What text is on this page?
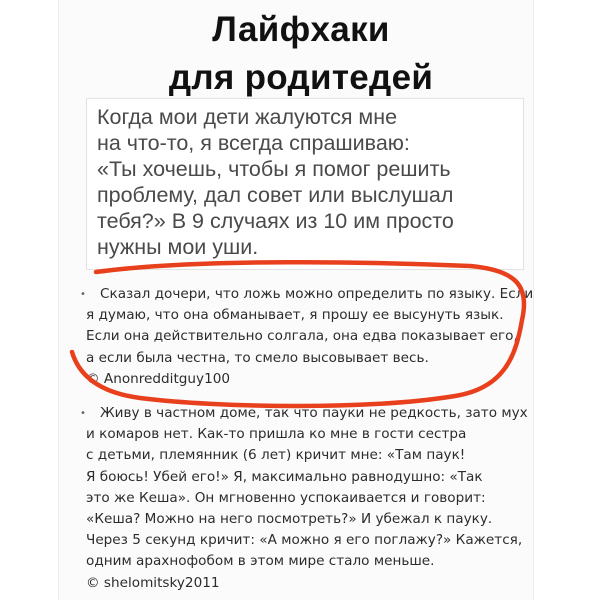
Лайфхаки
для родитедей
Когда мои дети жалуются мне
на что-то, я всегда спрашиваю:
«Ты хочешь, чтобы я помог решить
проблему, дал совет или выслушал
тебя?» В 9 случаях из 10 им просто
нужны мои уши.
•	Сказал дочери, что ложь можно определить по языку. Если
я думаю, что она обманывает, я прошу ее высунуть язык.
Если она действительно солгала, она едва показывает его,
а если была честна, то смело высовывает весь.
© Anonredditguy100
•	Живу в частном доме, так что пауки не редкость, зато мух
и комаров нет. Как-то пришла ко мне в гости сестра
с детьми, племянник (6 лет) кричит мне: «Там паук!
Я боюсь! Убей его!» Я, максимально равнодушно: «Так
это же Кеша». Он мгновенно успокаивается и говорит:
«Кеша? Можно на него посмотреть?» И убежал к пауку.
Через 5 секунд кричит: «А можно я его поглажу?» Кажется,
одним арахнофобом в этом мире стало меньше.
© shelomitsky2011
